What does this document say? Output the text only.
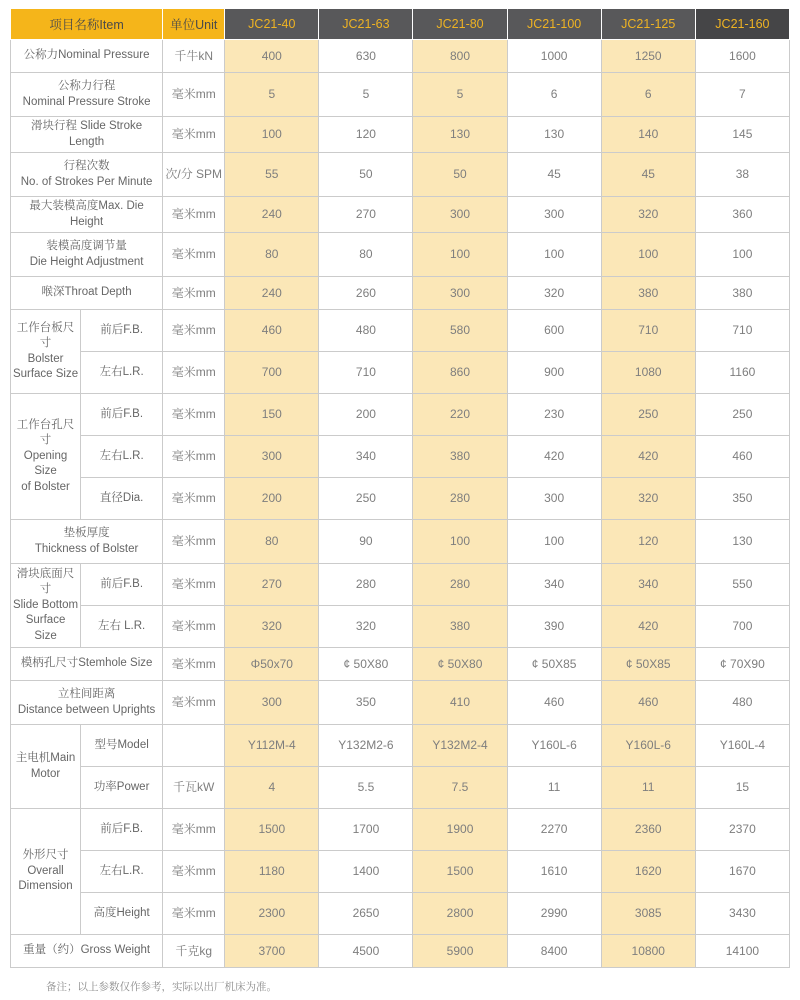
项目名称Item		单位Unit	JC21-40	JC21-63	JC21-80	JC21-100	JC21-125	JC21-160
公称力Nominal Pressure		千牛kN	400	630	800	1000	1250	1600
公称力行程
Nominal Pressure Stroke		毫米mm	5	5	5	6	6	7
滑块行程 Slide Stroke Length		毫米mm	100	120	130	130	140	145
行程次数
No. of Strokes Per Minute		次/分 SPM	55	50	50	45	45	38
最大装模高度Max. Die Height		毫米mm	240	270	300	300	320	360
装模高度调节量
Die Height Adjustment		毫米mm	80	80	100	100	100	100
喉深Throat Depth		毫米mm	240	260	300	320	380	380
工作台板尺寸
Bolster
Surface Size	前后F.B.	毫米mm	460	480	580	600	710	710
	左右L.R.	毫米mm	700	710	860	900	1080	1160
工作台孔尺寸
Opening Size
of Bolster	前后F.B.	毫米mm	150	200	220	230	250	250
	左右L.R.	毫米mm	300	340	380	420	420	460
	直径Dia.	毫米mm	200	250	280	300	320	350
垫板厚度
Thickness of Bolster		毫米mm	80	90	100	100	120	130
滑块底面尺寸
Slide Bottom
Surface
Size	前后F.B.	毫米mm	270	280	280	340	340	550
	左右 L.R.	毫米mm	320	320	380	390	420	700
模柄孔尺寸Stemhole Size		毫米mm	Φ50x70	¢ 50X80	¢ 50X80	¢ 50X85	¢ 50X85	¢ 70X90
立柱间距离
Distance between Uprights		毫米mm	300	350	410	460	460	480
主电机Main
Motor	型号Model		Y112M-4	Y132M2-6	Y132M2-4	Y160L-6	Y160L-6	Y160L-4
	功率Power	千瓦kW	4	5.5	7.5	11	11	15
外形尺寸
Overall
Dimension	前后F.B.	毫米mm	1500	1700	1900	2270	2360	2370
	左右L.R.	毫米mm	1180	1400	1500	1610	1620	1670
	高度Height	毫米mm	2300	2650	2800	2990	3085	3430
重量（约）Gross Weight		千克kg	3700	4500	5900	8400	10800	14100
备注；以上参数仅作参考，实际以出厂机床为准。
